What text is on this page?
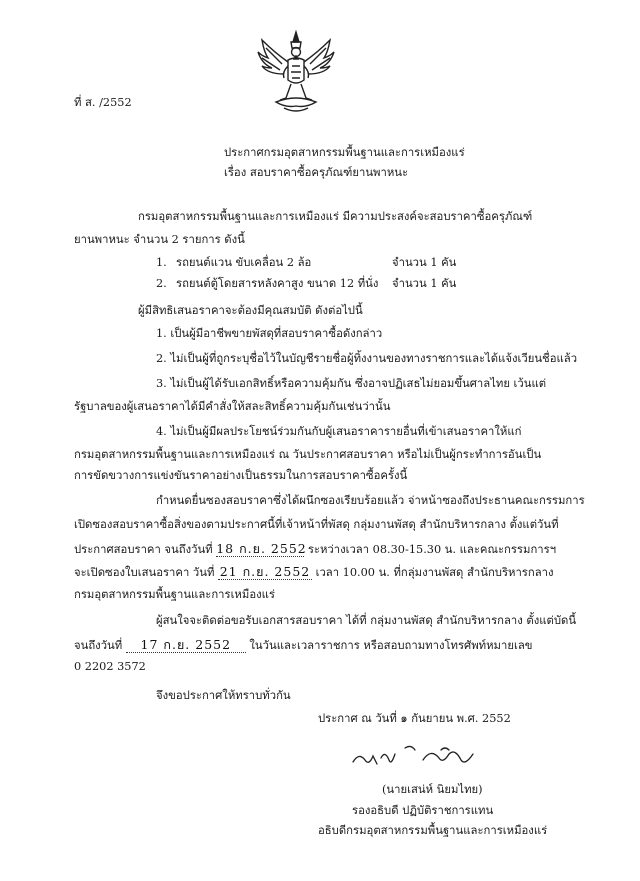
ที่ ส. /2552
ประกาศกรมอุตสาหกรรมพื้นฐานและการเหมืองแร่
เรื่อง สอบราคาซื้อครุภัณฑ์ยานพาหนะ
กรมอุตสาหกรรมพื้นฐานและการเหมืองแร่ มีความประสงค์จะสอบราคาซื้อครุภัณฑ์
ยานพาหนะ จำนวน 2 รายการ ดังนี้
1. รถยนต์แวน ขับเคลื่อน 2 ล้อ	จำนวน 1 คัน
2. รถยนต์ตู้โดยสารหลังคาสูง ขนาด 12 ที่นั่ง จำนวน 1 คัน
ผู้มีสิทธิเสนอราคาจะต้องมีคุณสมบัติ ดังต่อไปนี้
1. เป็นผู้มีอาชีพขายพัสดุที่สอบราคาซื้อดังกล่าว
2. ไม่เป็นผู้ที่ถูกระบุชื่อไว้ในบัญชีรายชื่อผู้ทิ้งงานของทางราชการและได้แจ้งเวียนชื่อแล้ว
3. ไม่เป็นผู้ได้รับเอกสิทธิ์หรือความคุ้มกัน ซึ่งอาจปฏิเสธไม่ยอมขึ้นศาลไทย เว้นแต่
รัฐบาลของผู้เสนอราคาได้มีคำสั่งให้สละสิทธิ์ความคุ้มกันเช่นว่านั้น
4. ไม่เป็นผู้มีผลประโยชน์ร่วมกันกับผู้เสนอราคารายอื่นที่เข้าเสนอราคาให้แก่
กรมอุตสาหกรรมพื้นฐานและการเหมืองแร่ ณ วันประกาศสอบราคา หรือไม่เป็นผู้กระทำการอันเป็น
การขัดขวางการแข่งขันราคาอย่างเป็นธรรมในการสอบราคาซื้อครั้งนี้
กำหนดยื่นซองสอบราคาซึ่งได้ผนึกซองเรียบร้อยแล้ว จ่าหน้าซองถึงประธานคณะกรรมการ
เปิดซองสอบราคาซื้อสิ่งของตามประกาศนี้ที่เจ้าหน้าที่พัสดุ กลุ่มงานพัสดุ สำนักบริหารกลาง ตั้งแต่วันที่
ประกาศสอบราคา จนถึงวันที่ 18 ก.ย. 2552 ระหว่างเวลา 08.30-15.30 น. และคณะกรรมการฯ
จะเปิดซองใบเสนอราคา วันที่ 21 ก.ย. 2552 เวลา 10.00 น. ที่กลุ่มงานพัสดุ สำนักบริหารกลาง
กรมอุตสาหกรรมพื้นฐานและการเหมืองแร่
ผู้สนใจจะติดต่อขอรับเอกสารสอบราคา ได้ที่ กลุ่มงานพัสดุ สำนักบริหารกลาง ตั้งแต่บัดนี้
จนถึงวันที่ 17 ก.ย. 2552 ในวันและเวลาราชการ หรือสอบถามทางโทรศัพท์หมายเลข
0 2202 3572
จึงขอประกาศให้ทราบทั่วกัน
ประกาศ ณ วันที่ ๑ กันยายน พ.ศ. 2552
(นายเสน่ห์ นิยมไทย)
รองอธิบดี ปฏิบัติราชการแทน
อธิบดีกรมอุตสาหกรรมพื้นฐานและการเหมืองแร่
